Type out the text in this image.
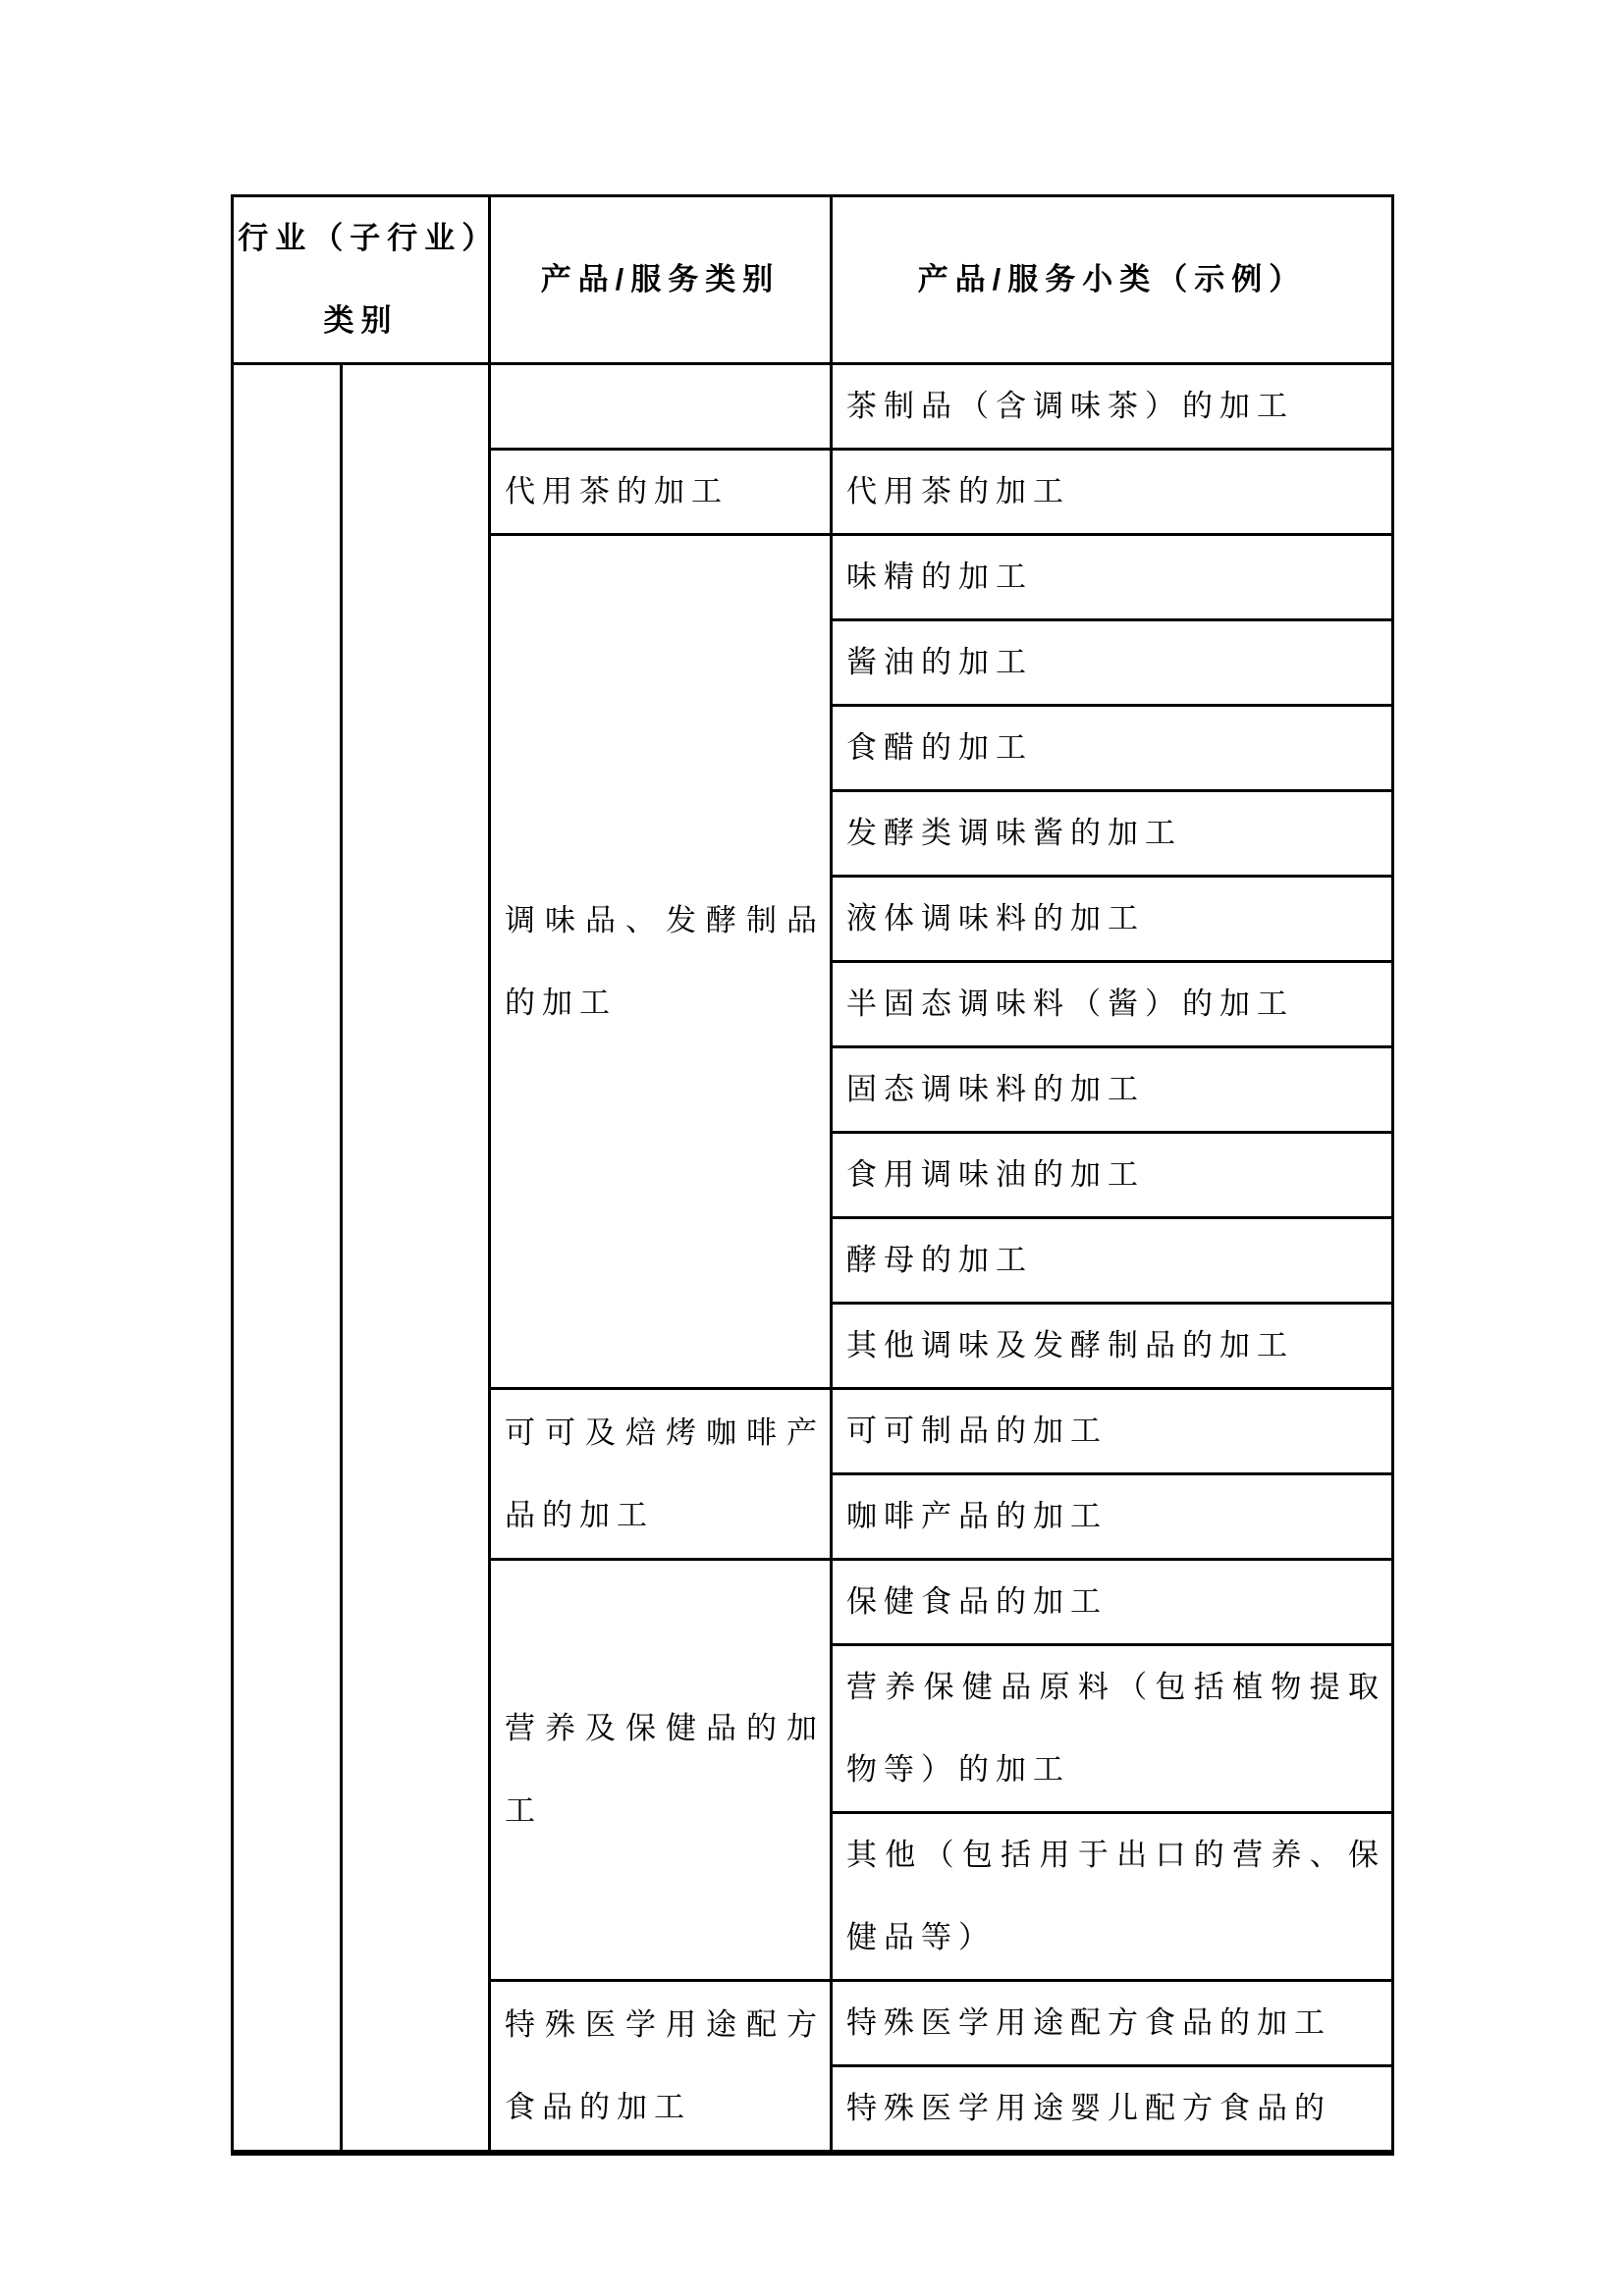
行业（子行业）类别		产品/服务类别	产品/服务小类（示例）
			茶制品（含调味茶）的加工
		代用茶的加工	代用茶的加工
		调味品、发酵制品的加工	味精的加工
			酱油的加工
			食醋的加工
			发酵类调味酱的加工
			液体调味料的加工
			半固态调味料（酱）的加工
			固态调味料的加工
			食用调味油的加工
			酵母的加工
			其他调味及发酵制品的加工
		可可及焙烤咖啡产品的加工	可可制品的加工
			咖啡产品的加工
		营养及保健品的加工	保健食品的加工
			营养保健品原料（包括植物提取物等）的加工
			其他（包括用于出口的营养、保健品等）
		特殊医学用途配方食品的加工	特殊医学用途配方食品的加工
			特殊医学用途婴儿配方食品的
